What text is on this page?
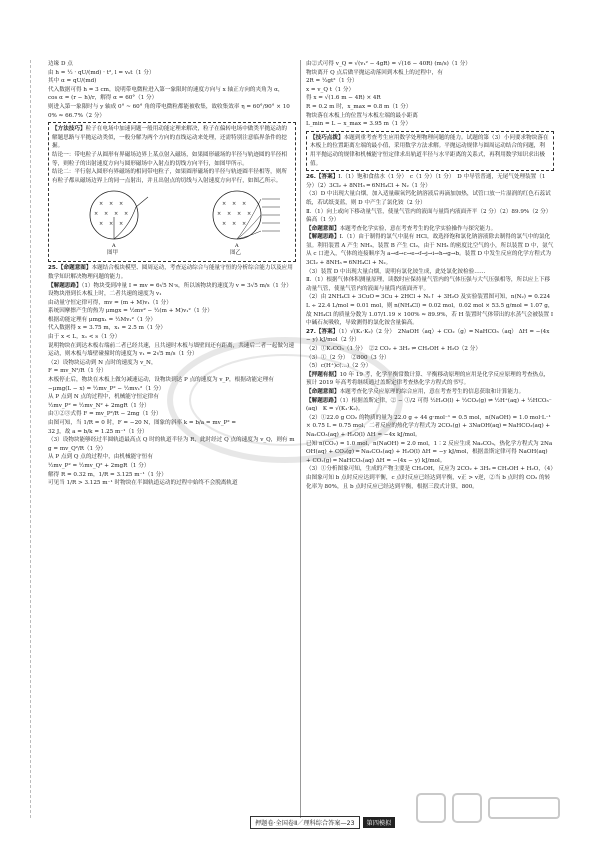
边缘 D 点

由 h = ½ · qU/(md) · t², l = v₀t（1 分）

其中 α = qU/(md)

代入数据可得 h = 3 cm，说明带电微粒进入第一象限时的速度方向与 x 轴正方向的夹角为 α，

cos α = (r − h)/r，解得 α = 60°（1 分）

则进入第一象限时与 y 轴成 0° ~ 60° 角的带电微粒都能被收集，故收集效率 η = 60°/90° × 100% ≈ 66.7%（2 分）

【方法技巧】粒子在电场中加速问题一般用动能定理来解决，粒子在偏转电场中做类平抛运动的解题思路与平抛运动类似，一般分解为两个方向的直线运动来处理，还需特别注意临界条件的挖掘。

结论一：带电粒子从圆形有界磁场边界上某点射入磁场，如果圆形磁场的半径与轨迹圆的半径相等，则粒子的出射速度方向与圆形磁场中入射点的切线方向平行，如图甲所示。

结论二：平行射入圆形有界磁场的相同带电粒子，如果圆形磁场的半径与轨迹圆半径相等，则所有粒子都从磁场边界上的同一点射出，并且出射点的切线与入射速度方向平行，如图乙所示。

× × ×
× × × ×
× × ×
A
图甲
× × ×
× × × ×
× × ×
A
图乙

25.【命题意图】本题结合板块模型、圆周运动，考查运动综合与能量守恒的分析综合能力以及应用数学知识解决物理问题的能力。

【解题思路】（1）物块受到冲量 I = mv = 6√5 N·s，所以该物块的速度为 v = 3√5 m/s（1 分）

设物块滑到长木板上时，二者共速的速度为 v₁

由动量守恒定律可得，mv = (m + M)v₁（1 分）

系统因摩擦产生的热为 μmgx = ½mv² − ½(m + M)v₁²（1 分）

根据动能定理有 μmgx₁ = ½Mv₁²（1 分）

代入数据得 x = 3.75 m，x₁ = 2.5 m（1 分）

由于 x < L，x₁ < s（1 分）

说明物块在到达木板右端前二者已经共速，且共速时木板与墙壁间还有距离，共速后二者一起做匀速运动，则木板与墙壁碰撞时的速度为 v₁ = 2√5 m/s（1 分）

（2）设物块运动到 N 点时的速度为 v_N，

F = mv_N²/R（1 分）

木板停止后，物块在木板上做匀减速运动，设物块到达 P 点的速度为 v_P，根据动能定理有

−μmg(L − x) = ½mv_P² − ½mv₁²（1 分）

从 P 点到 N 点的过程中，机械能守恒定律有

½mv_P² = ½mv_N² + 2mgR（1 分）

由①②③式得 F = mv_P²/R − 2mg（1 分）

由图可知，当 1/R = 0 时，F = −20 N，图象的斜率 k = b/a = mv_P² =

32 J，故 a = b/k = 1.25 m⁻¹（1 分）

（3）设物块能够经过半圆轨道最高点 Q 时的轨道半径为 R，此时经过 Q 点的速度为 v_Q，则有 mg = mv_Q²/R（1 分）

从 P 点到 Q 点的过程中，由机械能守恒有

½mv_P² = ½mv_Q² + 2mgR（1 分）

解得 R = 0.32 m，1/R = 3.125 m⁻¹（1 分）

可见当 1/R > 3.125 m⁻¹ 时物块在半圆轨道运动的过程中始终不会脱离轨道

由②式可得 v_Q = √(v₁² − 4gR) = √(16 − 40R) (m/s)（1 分）

物块离开 Q 点后做平抛运动落回到木板上的过程中，有

2R = ½gt²（1 分）

x = v_Q t（1 分）

得 x = √(1.6 m − 4R) × 4R

R = 0.2 m 时，x_max = 0.8 m（1 分）

物块落在木板上的位置与木板左端的最小距离

L_min = L − x_max = 3.95 m（1 分）

【技巧点拨】本题到重考查考生应用数学处理物理问题的能力。试题的第（3）小问要求物块落在木板上的位置距离左端的最小值，采用数学方法求解。平抛运动规律与圆周运动结合的问题，利用平抛运动的规律和机械能守恒定律求出轨道半径与水平距离的关系式，再利用数学知识求出极值。

26.【答案】Ⅰ.（1）饱和食盐水（1 分）　c（1 分）（1 分）　D 中导管普通，无尾气处理装置（1 分）（2）3Cl₂ + 8NH₃ ═ 6NH₄Cl + N₂（1 分）

（3）D 中出现大量白烟，加入适量碳氧钙化钠溶液后再滴加加热，试管口放一片湿润的红色石蕊试纸，若试纸变蓝，则 D 中产生了氯化铵（2 分）

Ⅱ.（1）向上或向下移动量气管，使量气管内的液面与量筒内液面齐平（2 分）（2）89.9%（2 分）偏高（1 分）

【命题意图】本题考查化学实验，意在考查考生的化学实验操作与探究能力。

【解题思路】Ⅰ.（1）由于制得的氯气中混有 HCl，故选择饱和氯化钠溶液除去制得的氯气中的氯化氢。利用装置 A 产生 NH₃，装置 B 产生 Cl₂，由于 NH₃ 的密度比空气的小，所以装置 D 中，氨气从 c 口进入，气体的连接顺序为 a→d→c→e→f→j→i→h→g→b。装置 D 中发生反应的化学方程式为 3Cl₂ + 8NH₃ ═ 6NH₄Cl + N₂。

（3）装置 D 中出现大量白烟，说明有氯化铵生成，此处氯化铵检验……

Ⅱ.（1）根据气体体积测量原理，读数时应保持量气管内的气体压强与大气压强相等，所以应上下移动量气管，使量气管内的液面与量筒内液面齐平。

（2）由 2NH₄Cl + 3CuO ═ 3Cu + 2HCl + N₂↑ + 3H₂O 及实验装置图可知，n(N₂) = 0.224 L ÷ 22.4 L/mol = 0.01 mol，则 n(NH₄Cl) = 0.02 mol，0.02 mol × 53.5 g/mol = 1.07 g，故 NH₄Cl 的质量分数为 1.07/1.19 × 100% ≈ 89.9%，若 H 装置时气体带出的水蒸气会被装置 I 中碱石灰吸收，导致测得的氯化铵含量偏高。

27.【答案】（1）√(K₁·K₂)（2 分）　2NaOH（aq）+ CO₂（g）═ NaHCO₃（aq） ΔH = −(4x − y) kJ/mol（2 分）

（2）①K₂CO₃（1 分）　②2 CO₂ + 3H₂ ⇌ CH₃OH + H₂O（2 分）

（3）①（2 分）　②800（3 分）

（5）c(H⁺)c(…)（2 分）

【押题有据】10 年 19 考，化学平衡常数计算、平衡移动原理的应用是化学反应原理的考查热点，预计 2019 年高考将继续通过盖斯定律考查热化学方程式的书写。

【命题意图】本题考查化学反应原理的综合应用，意在考查考生的信息获取和计算能力。

【解题思路】（1）根据盖斯定律，② − ①/2 可得 ½H₂O(l) + ½CO₂(g) ⇌ ½H⁺(aq) + ½HCO₃⁻(aq)　K = √(K₁·K₂)。

（2）①22.0 g CO₂ 的物质的量为 22.0 g ÷ 44 g·mol⁻¹ = 0.5 mol，n(NaOH) = 1.0 mol·L⁻¹ × 0.75 L = 0.75 mol，二者反应的热化学方程式为 2CO₂(g) + 3NaOH(aq) ═ NaHCO₃(aq) + Na₂CO₃(aq) + H₂O(l) ΔH = −4x kJ/mol。

已知 n(CO₂) = 1.0 mol，n(NaOH) = 2.0 mol，1∶2 反应生成 Na₂CO₃，热化学方程式为 2NaOH(aq) + CO₂(g) ═ Na₂CO₃(aq) + H₂O(l) ΔH = −y kJ/mol，根据盖斯定律可得 NaOH(aq) + CO₂(g) ═ NaHCO₃(aq) ΔH = −(4x − y) kJ/mol。

（3）①分析图象可知，生成的产物主要是 CH₃OH，反应为 2CO₂ + 3H₂ ═ CH₃OH + H₂O，（4）由图象可知 b 点时反应达到平衡，c 点时反应已经达到平衡，v正 > v逆，②当 b 点时的 CO₂ 的转化率为 80%，且 b 点时反应已经达到平衡，根据三段式计算，800。

押题卷·全国卷Ⅱ／理科综合答案—23	第四模拟
